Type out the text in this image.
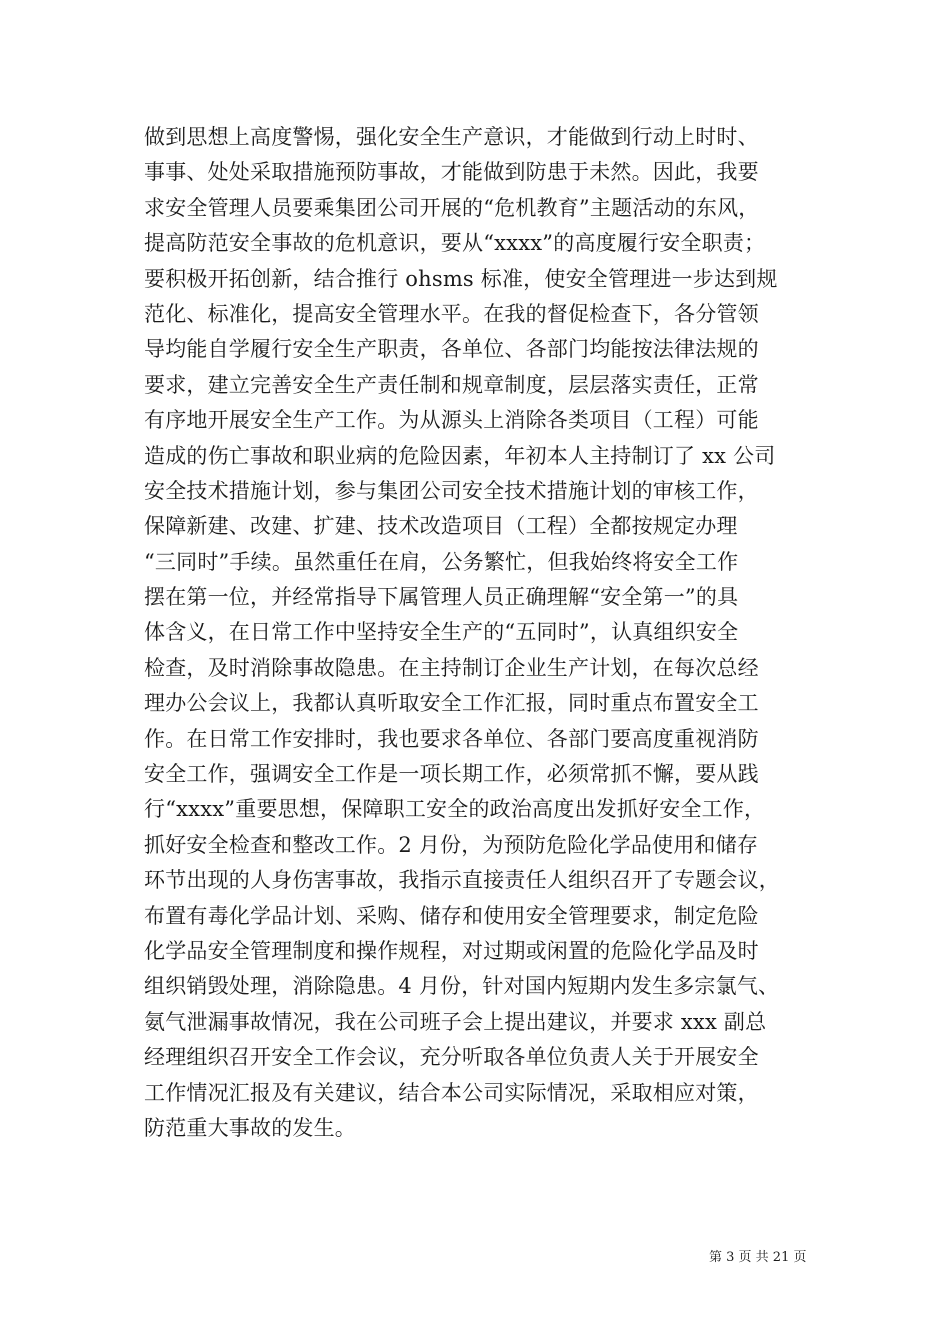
做到思想上高度警惕，强化安全生产意识，才能做到行动上时时、
事事、处处采取措施预防事故，才能做到防患于未然。因此，我要
求安全管理人员要乘集团公司开展的“危机教育”主题活动的东风，
提高防范安全事故的危机意识，要从“xxxx”的高度履行安全职责；
要积极开拓创新，结合推行 ohsms 标准，使安全管理进一步达到规
范化、标准化，提高安全管理水平。在我的督促检查下，各分管领
导均能自学履行安全生产职责，各单位、各部门均能按法律法规的
要求，建立完善安全生产责任制和规章制度，层层落实责任，正常
有序地开展安全生产工作。为从源头上消除各类项目（工程）可能
造成的伤亡事故和职业病的危险因素，年初本人主持制订了 xx 公司
安全技术措施计划，参与集团公司安全技术措施计划的审核工作，
保障新建、改建、扩建、技术改造项目（工程）全都按规定办理
“三同时”手续。虽然重任在肩，公务繁忙，但我始终将安全工作
摆在第一位，并经常指导下属管理人员正确理解“安全第一”的具
体含义，在日常工作中坚持安全生产的“五同时”，认真组织安全
检查，及时消除事故隐患。在主持制订企业生产计划，在每次总经
理办公会议上，我都认真听取安全工作汇报，同时重点布置安全工
作。在日常工作安排时，我也要求各单位、各部门要高度重视消防
安全工作，强调安全工作是一项长期工作，必须常抓不懈，要从践
行“xxxx”重要思想，保障职工安全的政治高度出发抓好安全工作，
抓好安全检查和整改工作。2 月份，为预防危险化学品使用和储存
环节出现的人身伤害事故，我指示直接责任人组织召开了专题会议，
布置有毒化学品计划、采购、储存和使用安全管理要求，制定危险
化学品安全管理制度和操作规程，对过期或闲置的危险化学品及时
组织销毁处理，消除隐患。4 月份，针对国内短期内发生多宗氯气、
氨气泄漏事故情况，我在公司班子会上提出建议，并要求 xxx 副总
经理组织召开安全工作会议，充分听取各单位负责人关于开展安全
工作情况汇报及有关建议，结合本公司实际情况，采取相应对策，
防范重大事故的发生。
第 3 页 共 21 页
